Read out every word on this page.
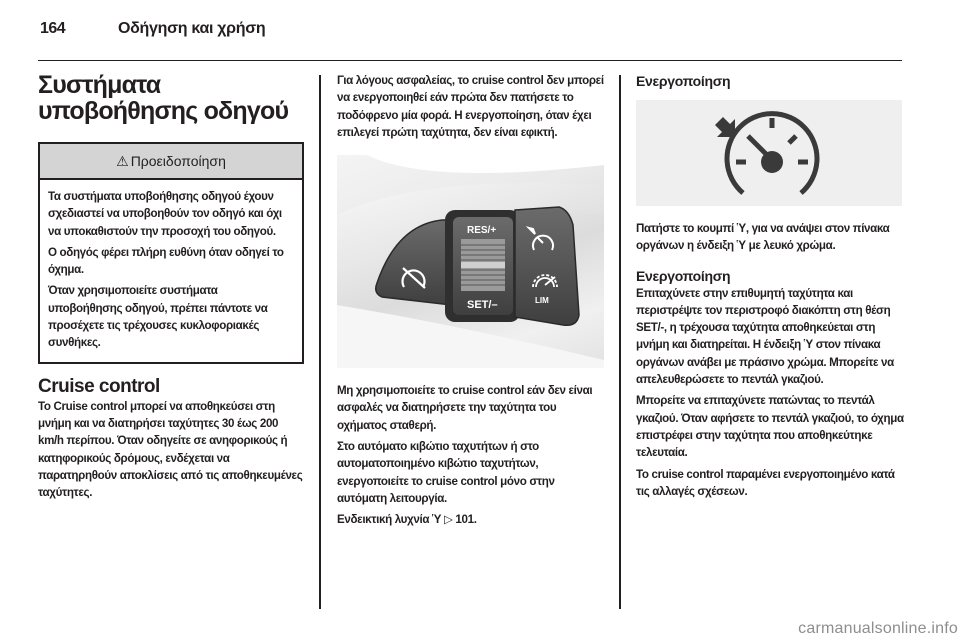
164	Οδήγηση και χρήση
Συστήματα
υποβοήθησης οδηγού
⚠ Προειδοποίηση

Τα συστήματα υποβοήθησης οδηγού έχουν σχεδιαστεί να υποβοηθούν τον οδηγό και όχι να υποκαθιστούν την προσοχή του οδηγού.

Ο οδηγός φέρει πλήρη ευθύνη όταν οδηγεί το όχημα.

Όταν χρησιμοποιείτε συστήματα υποβοήθησης οδηγού, πρέπει πάντοτε να προσέχετε τις τρέχουσες κυκλοφοριακές συνθήκες.

Cruise control

Το Cruise control μπορεί να αποθηκεύσει στη μνήμη και να διατηρήσει ταχύτητες 30 έως 200 km/h περίπου. Όταν οδηγείτε σε ανηφορικούς ή κατηφορικούς δρόμους, ενδέχεται να παρατηρηθούν αποκλίσεις από τις αποθηκευμένες ταχύτητες.

Για λόγους ασφαλείας, το cruise control δεν μπορεί να ενεργοποιηθεί εάν πρώτα δεν πατήσετε το ποδόφρενο μία φορά. Η ενεργοποίηση, όταν έχει επιλεγεί πρώτη ταχύτητα, δεν είναι εφικτή.

RES/+
SET/–	LIM

Μη χρησιμοποιείτε το cruise control εάν δεν είναι ασφαλές να διατηρήσετε την ταχύτητα του οχήματος σταθερή.

Στο αυτόματο κιβώτιο ταχυτήτων ή στο αυτοματοποιημένο κιβώτιο ταχυτήτων, ενεργοποιείτε το cruise control μόνο στην αυτόματη λειτουργία.

Ενδεικτική λυχνία Ὑ ▷ 101.

Ενεργοποίηση

Πατήστε το κουμπί Ὑ, για να ανάψει στον πίνακα οργάνων η ένδειξη Ὑ με λευκό χρώμα.

Ενεργοποίηση

Επιταχύνετε στην επιθυμητή ταχύτητα και περιστρέψτε τον περιστροφό διακόπτη στη θέση SET/-, η τρέχουσα ταχύτητα αποθηκεύεται στη μνήμη και διατηρείται. Η ένδειξη Ὑ στον πίνακα οργάνων ανάβει με πράσινο χρώμα. Μπορείτε να απελευθερώσετε το πεντάλ γκαζιού.

Μπορείτε να επιταχύνετε πατώντας το πεντάλ γκαζιού. Όταν αφήσετε το πεντάλ γκαζιού, το όχημα επιστρέφει στην ταχύτητα που αποθηκεύτηκε τελευταία.

Το cruise control παραμένει ενεργοποιημένο κατά τις αλλαγές σχέσεων.

carmanualsonline.info
